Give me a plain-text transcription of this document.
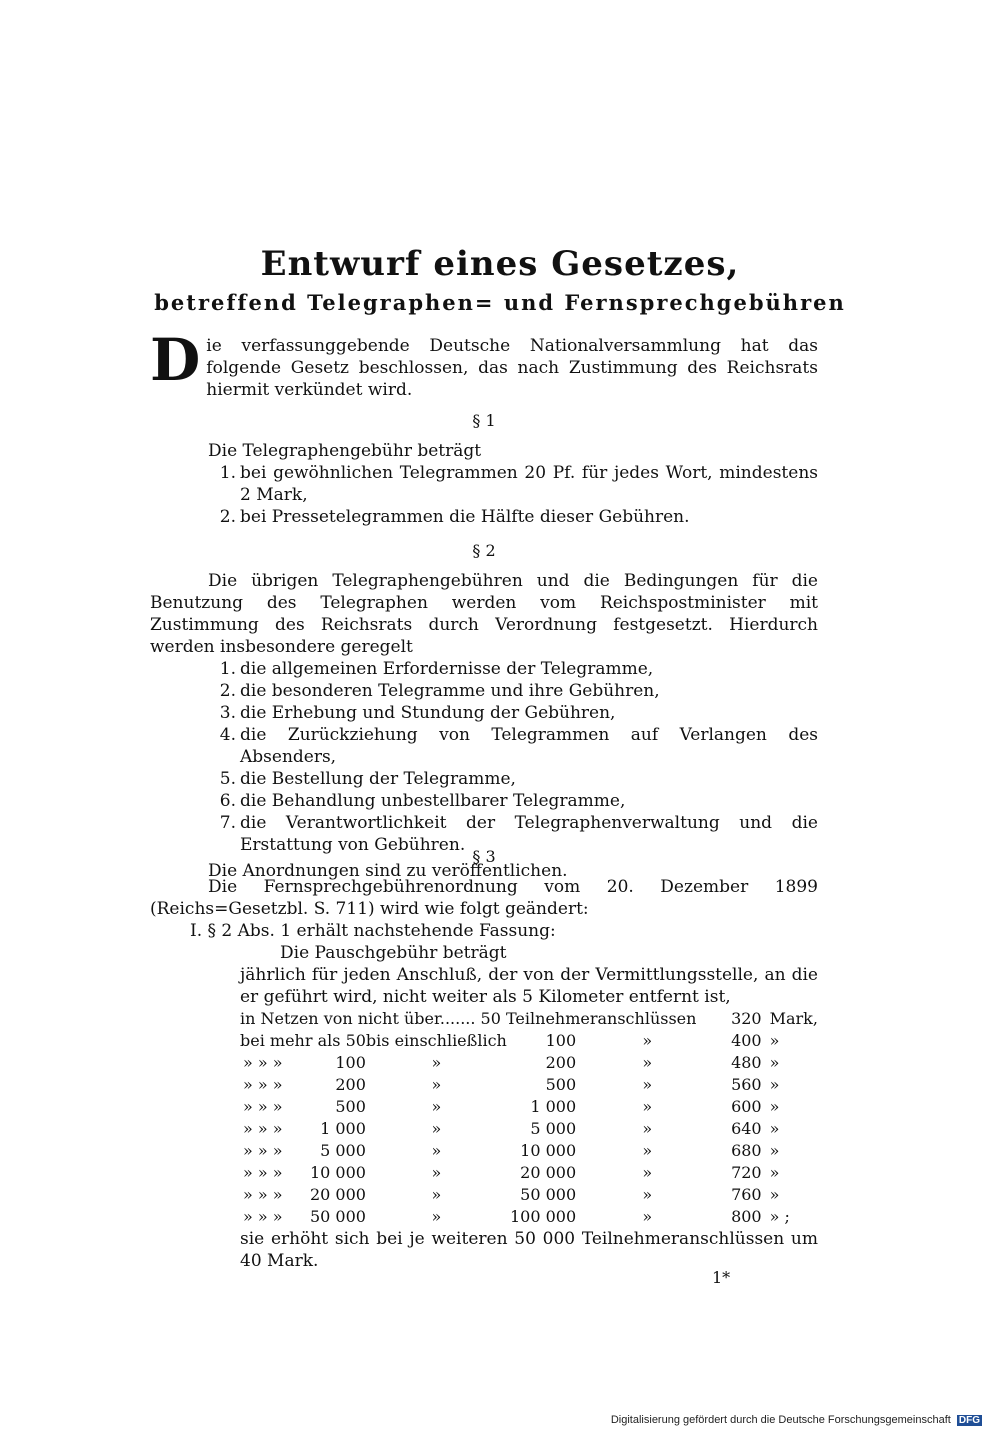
Entwurf eines Gesetzes,
betreffend Telegraphen= und Fernsprechgebühren
Die verfassunggebende Deutsche Nationalversammlung hat das folgende Gesetz beschlossen, das nach Zustimmung des Reichsrats hiermit verkündet wird.
§ 1
Die Telegraphengebühr beträgt
1. bei gewöhnlichen Telegrammen 20 Pf. für jedes Wort, mindestens 2 Mark,
2. bei Pressetelegrammen die Hälfte dieser Gebühren.
§ 2
Die übrigen Telegraphengebühren und die Bedingungen für die Benutzung des Telegraphen werden vom Reichspostminister mit Zustimmung des Reichsrats durch Verordnung festgesetzt. Hierdurch werden insbesondere geregelt
1. die allgemeinen Erfordernisse der Telegramme,
2. die besonderen Telegramme und ihre Gebühren,
3. die Erhebung und Stundung der Gebühren,
4. die Zurückziehung von Telegrammen auf Verlangen des Absenders,
5. die Bestellung der Telegramme,
6. die Behandlung unbestellbarer Telegramme,
7. die Verantwortlichkeit der Telegraphenverwaltung und die Erstattung von Gebühren.
Die Anordnungen sind zu veröffentlichen.
§ 3
Die Fernsprechgebührenordnung vom 20. Dezember 1899 (Reichs=Gesetzbl. S. 711) wird wie folgt geändert:
I. § 2 Abs. 1 erhält nachstehende Fassung:
Die Pauschgebühr beträgt
jährlich für jeden Anschluß, der von der Vermittlungsstelle, an die er geführt wird, nicht weiter als 5 Kilometer entfernt ist,
in Netzen von nicht über....... 50 Teilnehmeranschlüssen					320	Mark,
bei mehr als 50		bis einschließlich	100	»	400	»
» » »	100	»	200	»		480	»
» » »	200	»	500	»		560	»
» » »	500	»	1 000	»		600	»
» » »	1 000	»	5 000	»		640	»
» » »	5 000	»	10 000	»		680	»
» » »	10 000	»	20 000	»		720	»
» » »	20 000	»	50 000	»		760	»
» » »	50 000	»	100 000	»		800	» ;
sie erhöht sich bei je weiteren 50 000 Teilnehmeranschlüssen um 40 Mark.
1*
Digitalisierung gefördert durch die Deutsche Forschungsgemeinschaft DFG
